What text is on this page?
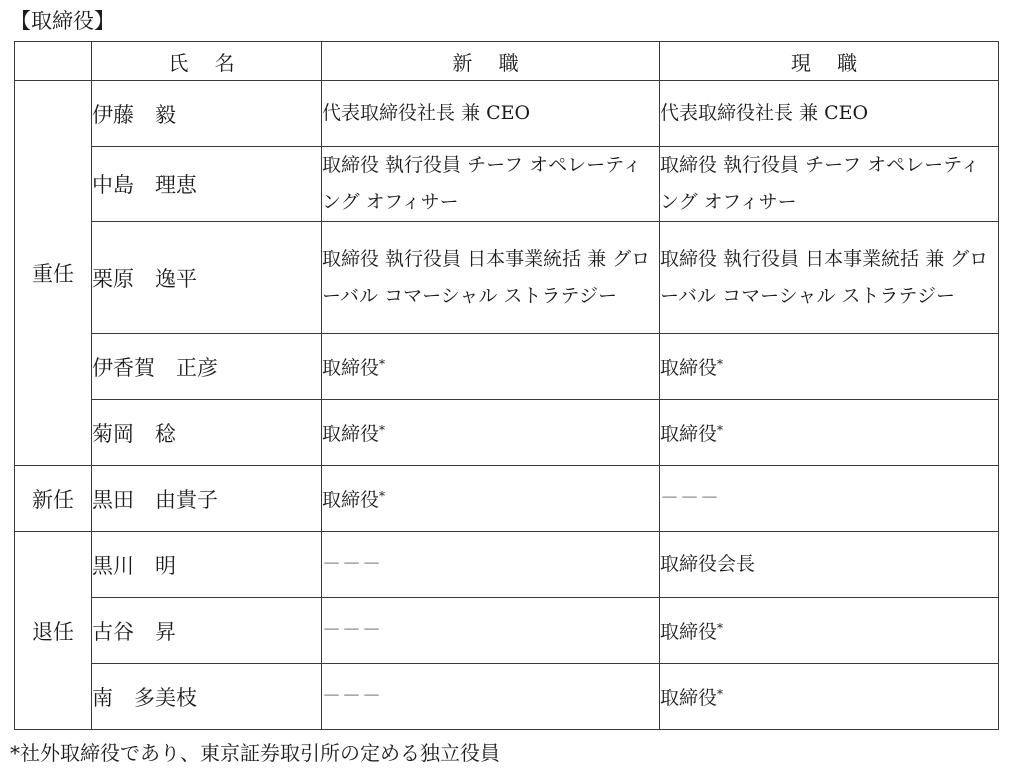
【取締役】
	氏 名	新 職	現 職
重任	伊藤　毅	代表取締役社長 兼 CEO	代表取締役社長 兼 CEO
	中島　理恵	取締役 執行役員 チーフ オペレーティング オフィサー	取締役 執行役員 チーフ オペレーティング オフィサー
	栗原　逸平	取締役 執行役員 日本事業統括 兼 グローバル コマーシャル ストラテジー	取締役 執行役員 日本事業統括 兼 グローバル コマーシャル ストラテジー
	伊香賀　正彦	取締役*	取締役*
	菊岡　稔	取締役*	取締役*
新任	黒田　由貴子	取締役*	－－－
退任	黒川　明	－－－	取締役会長
	古谷　昇	－－－	取締役*
	南　多美枝	－－－	取締役*
*社外取締役であり、東京証券取引所の定める独立役員
